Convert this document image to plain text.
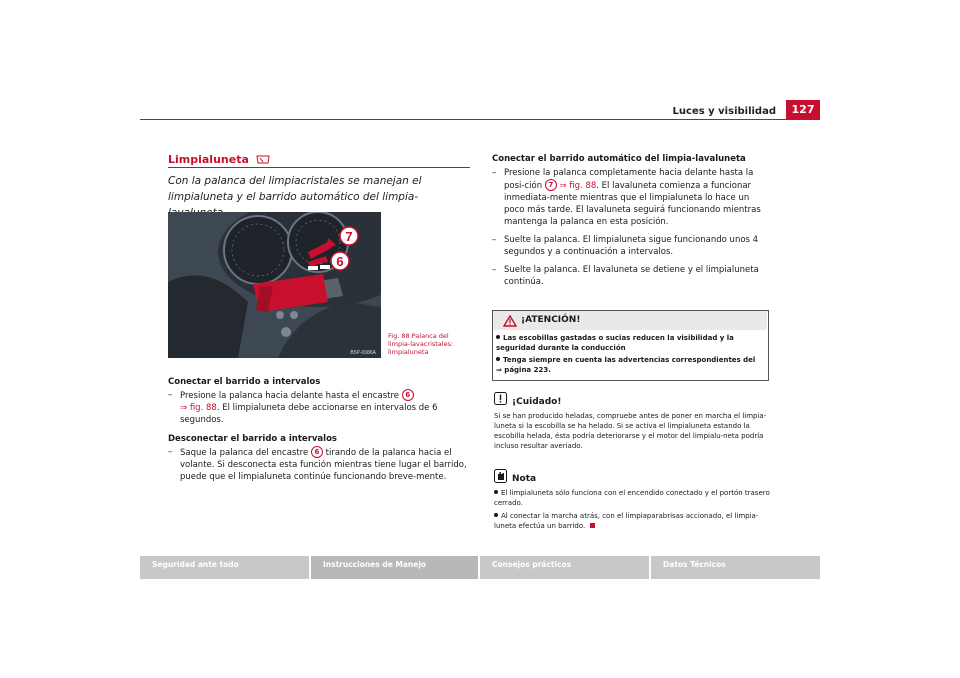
Luces y visibilidad	127
Limpialuneta
Con la palanca del limpiacristales se manejan el limpialuneta y el barrido automático del limpia-
7
6
B5P-0086A
Fig. 88 Palanca del limpia-lavacristales: limpialuneta
Conectar el barrido a intervalos
– Presione la palanca hacia delante hasta el encastre 6
⇒ fig. 88. El limpialuneta debe accionarse en intervalos de 6 segundos.
Desconectar el barrido a intervalos
– Saque la palanca del encastre 6 tirando de la palanca hacia el volante. Si desconecta esta función mientras tiene lugar el barrido, puede que el limpialuneta continúe funcionando breve-mente.
Conectar el barrido automático del limpia-lavaluneta
– Presione la palanca completamente hacia delante hasta la posi-ción 7 ⇒ fig. 88. El lavaluneta comienza a funcionar inmediata-mente mientras que el limpialuneta lo hace un poco más tarde. El lavaluneta seguirá funcionando mientras mantenga la palanca en esta posición.
– Suelte la palanca. El limpialuneta sigue funcionando unos 4 segundos y a continuación a intervalos.
– Suelte la palanca. El lavaluneta se detiene y el limpialuneta continúa.
¡ATENCIÓN!
Las escobillas gastadas o sucias reducen la visibilidad y la seguridad durante la conducción
Tenga siempre en cuenta las advertencias correspondientes del
⇒ página 223.
¡Cuidado!
Si se han producido heladas, compruebe antes de poner en marcha el limpia-luneta si la escobilla se ha helado. Si se activa el limpialuneta estando la escobilla helada, ésta podría deteriorarse y el motor del limpialu-neta podría incluso resultar averiado.
Nota
El limpialuneta sólo funciona con el encendido conectado y el portón trasero cerrado.
Al conectar la marcha atrás, con el limpiaparabrisas accionado, el limpia-luneta efectúa un barrido.
Seguridad ante todo	Instrucciones de Manejo	Consejos prácticos	Datos Técnicos
